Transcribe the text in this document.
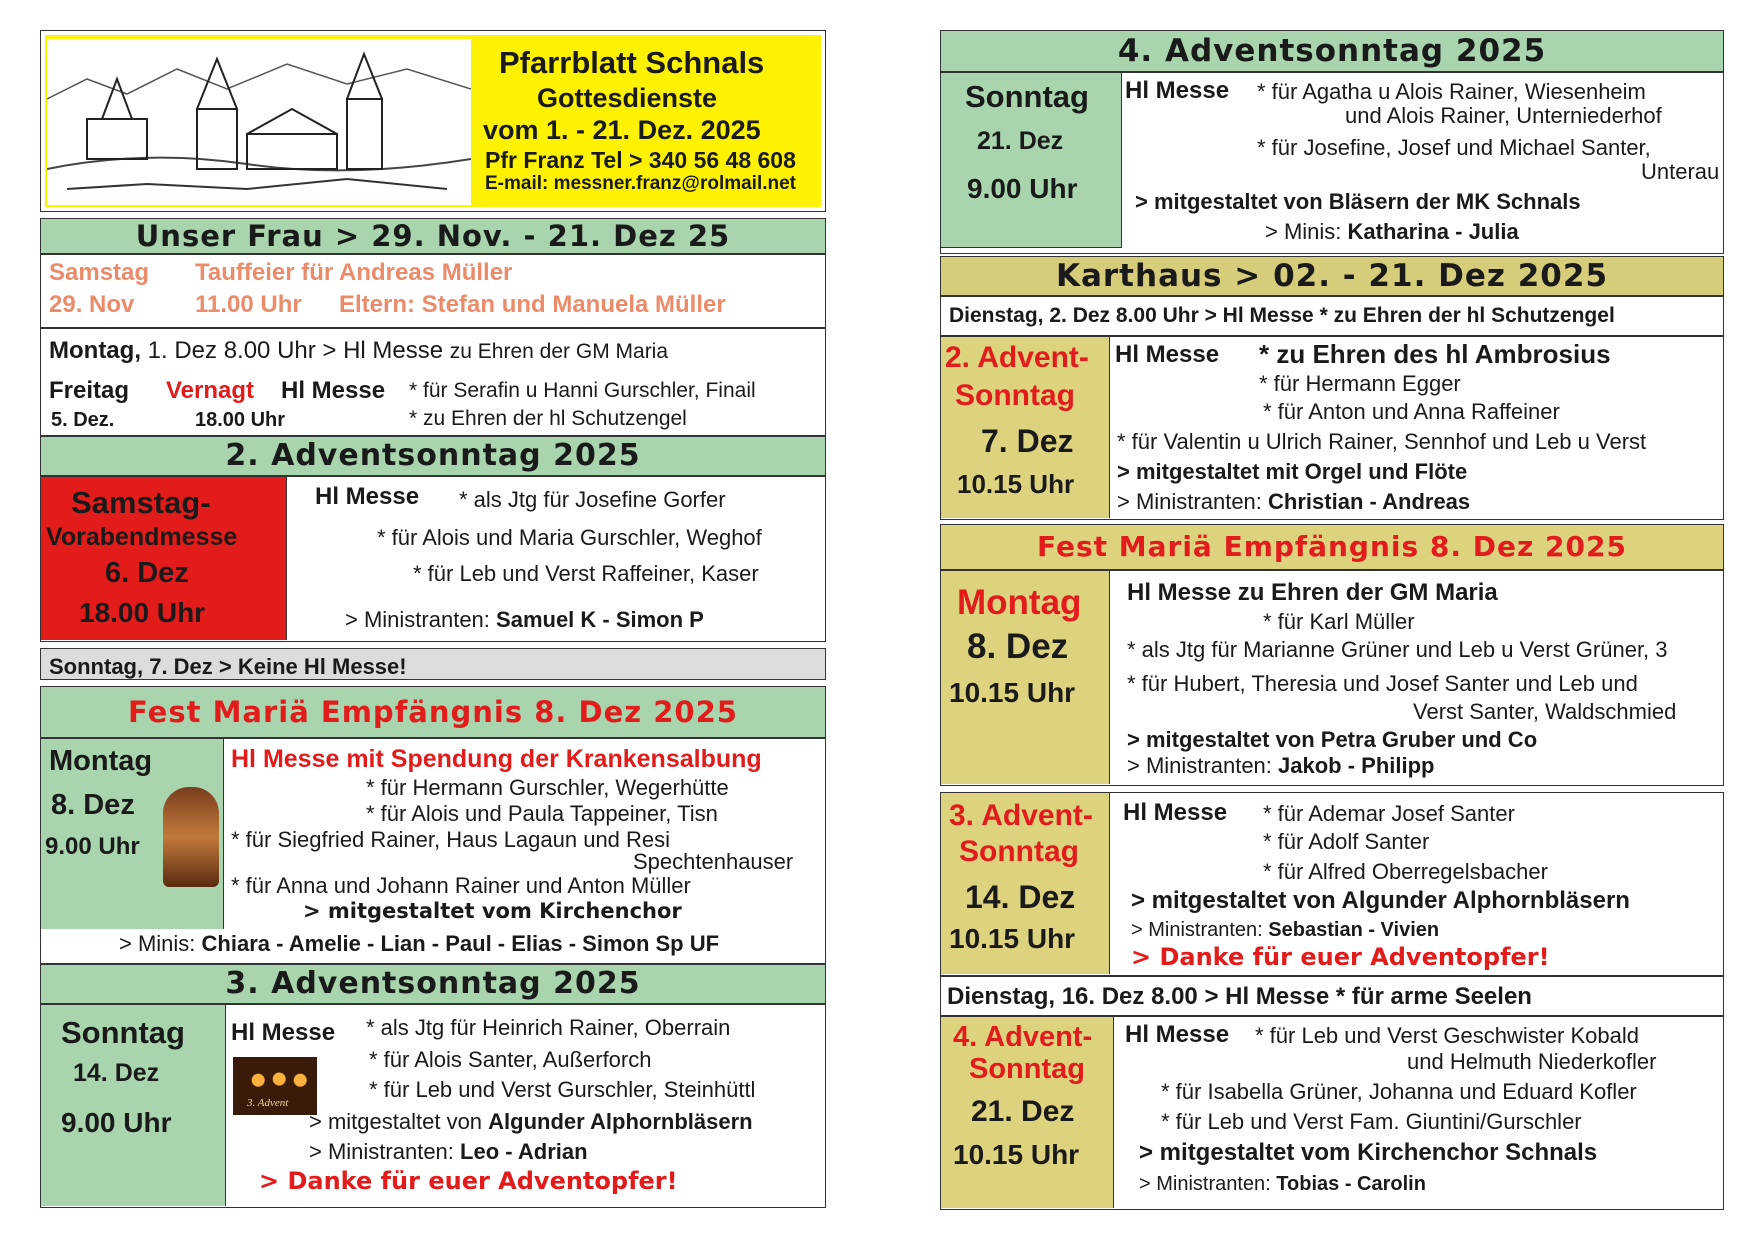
Pfarrblatt Schnals
Gottesdienste
vom 1. - 21. Dez. 2025
Pfr Franz Tel > 340 56 48 608
E-mail: messner.franz@rolmail.net
Unser Frau > 29. Nov. - 21. Dez 25
Samstag Tauffeier für Andreas Müller
29. Nov	11.00 Uhr Eltern: Stefan und Manuela Müller
Montag, 1. Dez 8.00 Uhr > Hl Messe zu Ehren der GM Maria
Freitag Vernagt Hl Messe * für Serafin u Hanni Gurschler, Finail
5. Dez.	18.00 Uhr	* zu Ehren der hl Schutzengel
2. Adventsonntag 2025
Samstag-
Vorabendmesse
6. Dez
18.00 Uhr
Hl Messe * als Jtg für Josefine Gorfer
* für Alois und Maria Gurschler, Weghof
* für Leb und Verst Raffeiner, Kaser
> Ministranten: Samuel K - Simon P
Sonntag, 7. Dez > Keine Hl Messe!
Fest Mariä Empfängnis 8. Dez 2025
Montag
8. Dez
9.00 Uhr
Hl Messe mit Spendung der Krankensalbung
* für Hermann Gurschler, Wegerhütte
* für Alois und Paula Tappeiner, Tisn
* für Siegfried Rainer, Haus Lagaun und Resi
Spechtenhauser
* für Anna und Johann Rainer und Anton Müller
> mitgestaltet vom Kirchenchor
> Minis: Chiara - Amelie - Lian - Paul - Elias - Simon Sp UF
3. Adventsonntag 2025
Sonntag
14. Dez
9.00 Uhr
Hl Messe
3. Advent
* als Jtg für Heinrich Rainer, Oberrain
* für Alois Santer, Außerforch
* für Leb und Verst Gurschler, Steinhüttl
> mitgestaltet von Algunder Alphornbläsern
> Ministranten: Leo - Adrian
> Danke für euer Adventopfer!
4. Adventsonntag 2025
Sonntag
21. Dez
9.00 Uhr
Hl Messe * für Agatha u Alois Rainer, Wiesenheim
und Alois Rainer, Unterniederhof
* für Josefine, Josef und Michael Santer,
Unterau
> mitgestaltet von Bläsern der MK Schnals
> Minis: Katharina - Julia
Karthaus > 02. - 21. Dez 2025
Dienstag, 2. Dez 8.00 Uhr > Hl Messe * zu Ehren der hl Schutzengel
2. Advent-
Sonntag
7. Dez
10.15 Uhr
Hl Messe * zu Ehren des hl Ambrosius
* für Hermann Egger
* für Anton und Anna Raffeiner
* für Valentin u Ulrich Rainer, Sennhof und Leb u Verst
> mitgestaltet mit Orgel und Flöte
> Ministranten: Christian - Andreas
Fest Mariä Empfängnis 8. Dez 2025
Montag
8. Dez
10.15 Uhr
Hl Messe zu Ehren der GM Maria
* für Karl Müller
* als Jtg für Marianne Grüner und Leb u Verst Grüner, 3
* für Hubert, Theresia und Josef Santer und Leb und
Verst Santer, Waldschmied
> mitgestaltet von Petra Gruber und Co
> Ministranten: Jakob - Philipp
3. Advent-
Sonntag
14. Dez
10.15 Uhr
Hl Messe * für Ademar Josef Santer
* für Adolf Santer
* für Alfred Oberregelsbacher
> mitgestaltet von Algunder Alphornbläsern
> Ministranten: Sebastian - Vivien
> Danke für euer Adventopfer!
Dienstag, 16. Dez 8.00 > Hl Messe * für arme Seelen
4. Advent-
Sonntag
21. Dez
10.15 Uhr
Hl Messe * für Leb und Verst Geschwister Kobald
und Helmuth Niederkofler
* für Isabella Grüner, Johanna und Eduard Kofler
* für Leb und Verst Fam. Giuntini/Gurschler
> mitgestaltet vom Kirchenchor Schnals
> Ministranten: Tobias - Carolin
